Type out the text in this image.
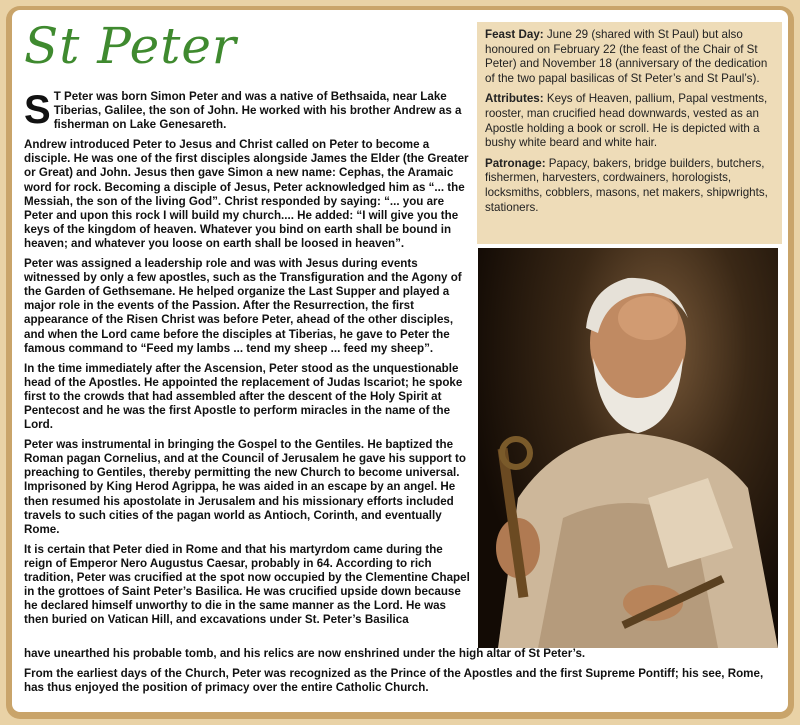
St Peter	Feast Day: June 29 (shared with St Paul) but also honoured on February 22 (the feast of the Chair of St Peter) and November 18 (anniversary of the dedication of the two papal basilicas of St Peter’s and St Paul’s).

Attributes: Keys of Heaven, pallium, Papal vestments, rooster, man crucified head downwards, vested as an Apostle holding a book or scroll. He is depicted with a bushy white beard and white hair.

Patronage: Papacy, bakers, bridge builders, butchers, fishermen, harvesters, cordwainers, horologists, locksmiths, cobblers, masons, net makers, shipwrights, stationers.

S T Peter was born Simon Peter and was a native of Bethsaida, near Lake Tiberias, Galilee, the son of John. He worked with his brother Andrew as a fisherman on Lake Genesareth.

Andrew introduced Peter to Jesus and Christ called on Peter to become a disciple. He was one of the first disciples alongside James the Elder (the Greater or Great) and John. Jesus then gave Simon a new name: Cephas, the Aramaic word for rock. Becoming a disciple of Jesus, Peter acknowledged him as “... the Messiah, the son of the living God”. Christ responded by saying: “... you are Peter and upon this rock I will build my church.... He added: “I will give you the keys of the kingdom of heaven. Whatever you bind on earth shall be bound in heaven; and whatever you loose on earth shall be loosed in heaven”.

Peter was assigned a leadership role and was with Jesus during events witnessed by only a few apostles, such as the Transfiguration and the Agony of the Garden of Gethsemane. He helped organize the Last Supper and played a major role in the events of the Passion. After the Resurrection, the first appearance of the Risen Christ was before Peter, ahead of the other disciples, and when the Lord came before the disciples at Tiberias, he gave to Peter the famous command to “Feed my lambs ... tend my sheep ... feed my sheep”.

In the time immediately after the Ascension, Peter stood as the unquestionable head of the Apostles. He appointed the replacement of Judas Iscariot; he spoke first to the crowds that had assembled after the descent of the Holy Spirit at Pentecost and he was the first Apostle to perform miracles in the name of the Lord.

Peter was instrumental in bringing the Gospel to the Gentiles. He baptized the Roman pagan Cornelius, and at the Council of Jerusalem he gave his support to preaching to Gentiles, thereby permitting the new Church to become universal. Imprisoned by King Herod Agrippa, he was aided in an escape by an angel. He then resumed his apostolate in Jerusalem and his missionary efforts included travels to such cities of the pagan world as Antioch, Corinth, and eventually Rome.

It is certain that Peter died in Rome and that his martyrdom came during the reign of Emperor Nero Augustus Caesar, probably in 64. According to rich tradition, Peter was crucified at the spot now occupied by the Clementine Chapel in the grottoes of Saint Peter’s Basilica. He was crucified upside down because he declared himself unworthy to die in the same manner as the Lord. He was then buried on Vatican Hill, and excavations under St. Peter’s Basilica

have unearthed his probable tomb, and his relics are now enshrined under the high altar of St Peter’s.

From the earliest days of the Church, Peter was recognized as the Prince of the Apostles and the first Supreme Pontiff; his see, Rome, has thus enjoyed the position of primacy over the entire Catholic Church.
